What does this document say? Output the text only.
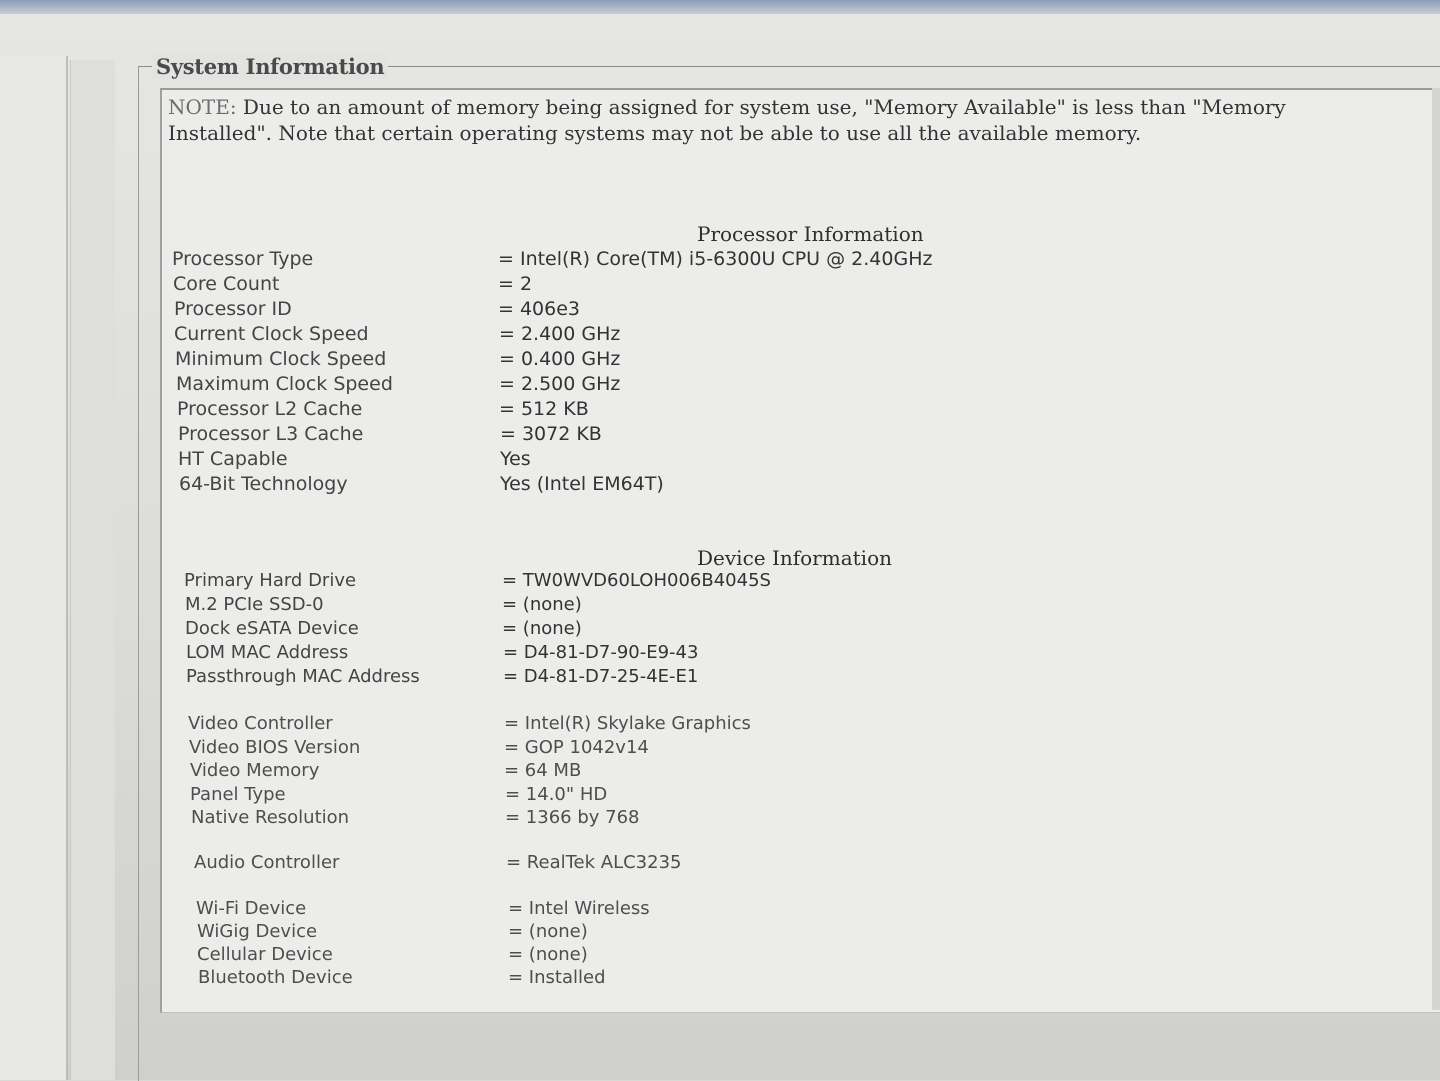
System Information
NOTE: Due to an amount of memory being assigned for system use, "Memory Available" is less than "Memory Installed". Note that certain operating systems may not be able to use all the available memory.
Processor Information
Processor Type	= Intel(R) Core(TM) i5-6300U CPU @ 2.40GHz
Core Count	= 2
Processor ID	= 406e3
Current Clock Speed	= 2.400 GHz
Minimum Clock Speed	= 0.400 GHz
Maximum Clock Speed	= 2.500 GHz
Processor L2 Cache	= 512 KB
Processor L3 Cache	= 3072 KB
HT Capable	Yes
64-Bit Technology	Yes (Intel EM64T)
Device Information
Primary Hard Drive	= TW0WVD60LOH006B4045S
M.2 PCIe SSD-0	= (none)
Dock eSATA Device	= (none)
LOM MAC Address	= D4-81-D7-90-E9-43
Passthrough MAC Address	= D4-81-D7-25-4E-E1
Video Controller	= Intel(R) Skylake Graphics
Video BIOS Version	= GOP 1042v14
Video Memory	= 64 MB
Panel Type	= 14.0" HD
Native Resolution	= 1366 by 768
Audio Controller	= RealTek ALC3235
Wi-Fi Device	= Intel Wireless
WiGig Device	= (none)
Cellular Device	= (none)
Bluetooth Device	= Installed
